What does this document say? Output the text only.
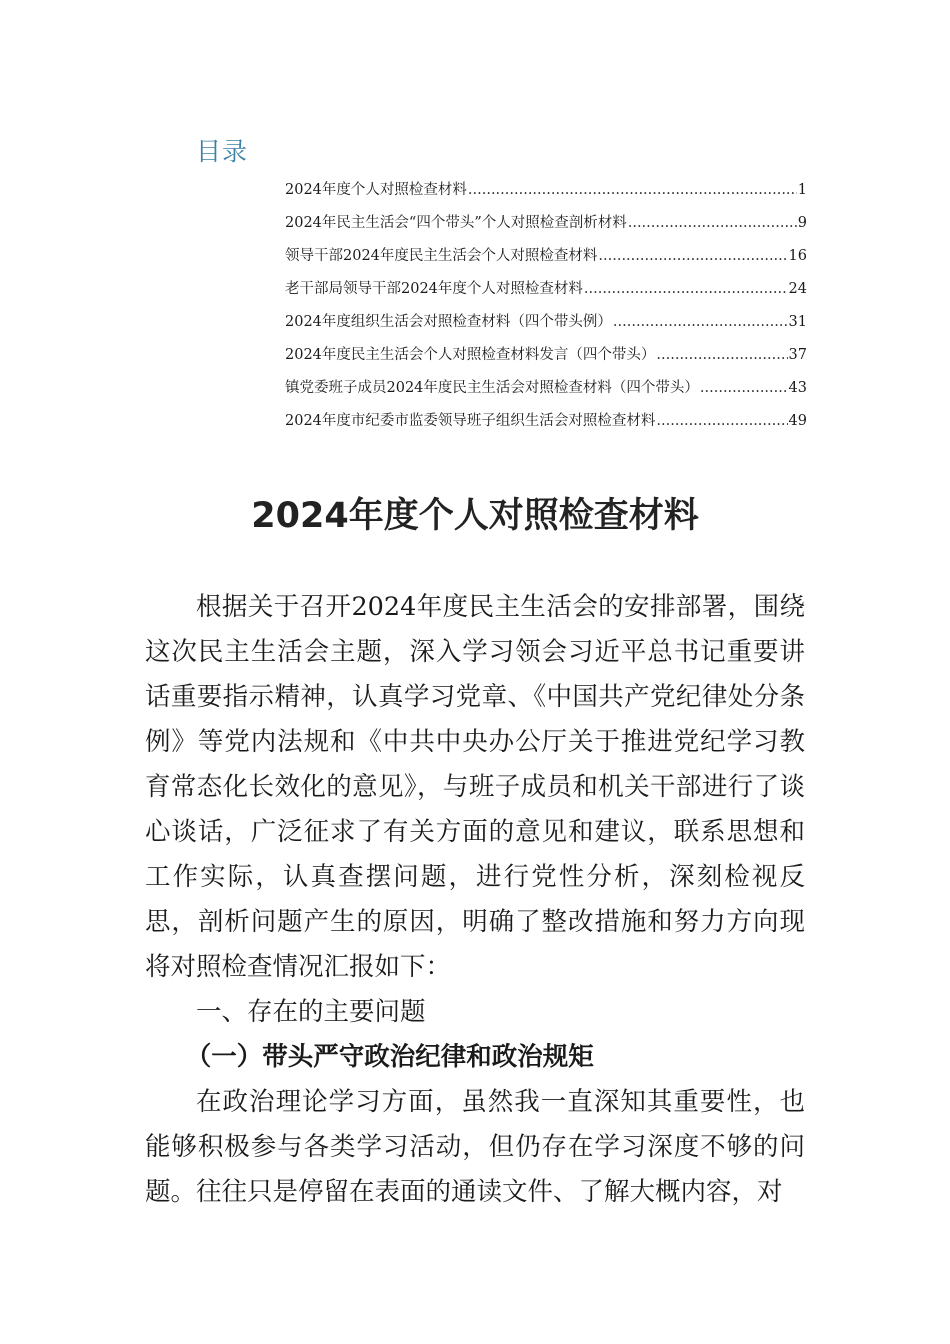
目录
2024年度个人对照检查材料 .....	1
2024年民主生活会“四个带头”个人对照检查剖析材料 .....	9
领导干部2024年度民主生活会个人对照检查材料 .....	16
老干部局领导干部2024年度个人对照检查材料 .....	24
2024年度组织生活会对照检查材料（四个带头例） .....	31
2024年度民主生活会个人对照检查材料发言（四个带头） .....	37
镇党委班子成员2024年度民主生活会对照检查材料（四个带头） .....	43
2024年度市纪委市监委领导班子组织生活会对照检查材料 .....	49
2024年度个人对照检查材料

根据关于召开2024年度民主生活会的安排部署，围绕这次民主生活会主题，深入学习领会习近平总书记重要讲话重要指示精神，认真学习党章、《中国共产党纪律处分条例》等党内法规和《中共中央办公厅关于推进党纪学习教育常态化长效化的意见》，与班子成员和机关干部进行了谈心谈话，广泛征求了有关方面的意见和建议，联系思想和工作实际，认真查摆问题，进行党性分析，深刻检视反思，剖析问题产生的原因，明确了整改措施和努力方向现将对照检查情况汇报如下：

一、存在的主要问题

（一）带头严守政治纪律和政治规矩

在政治理论学习方面，虽然我一直深知其重要性，也能够积极参与各类学习活动，但仍存在学习深度不够的问题。往往只是停留在表面的通读文件、了解大概内容，对
